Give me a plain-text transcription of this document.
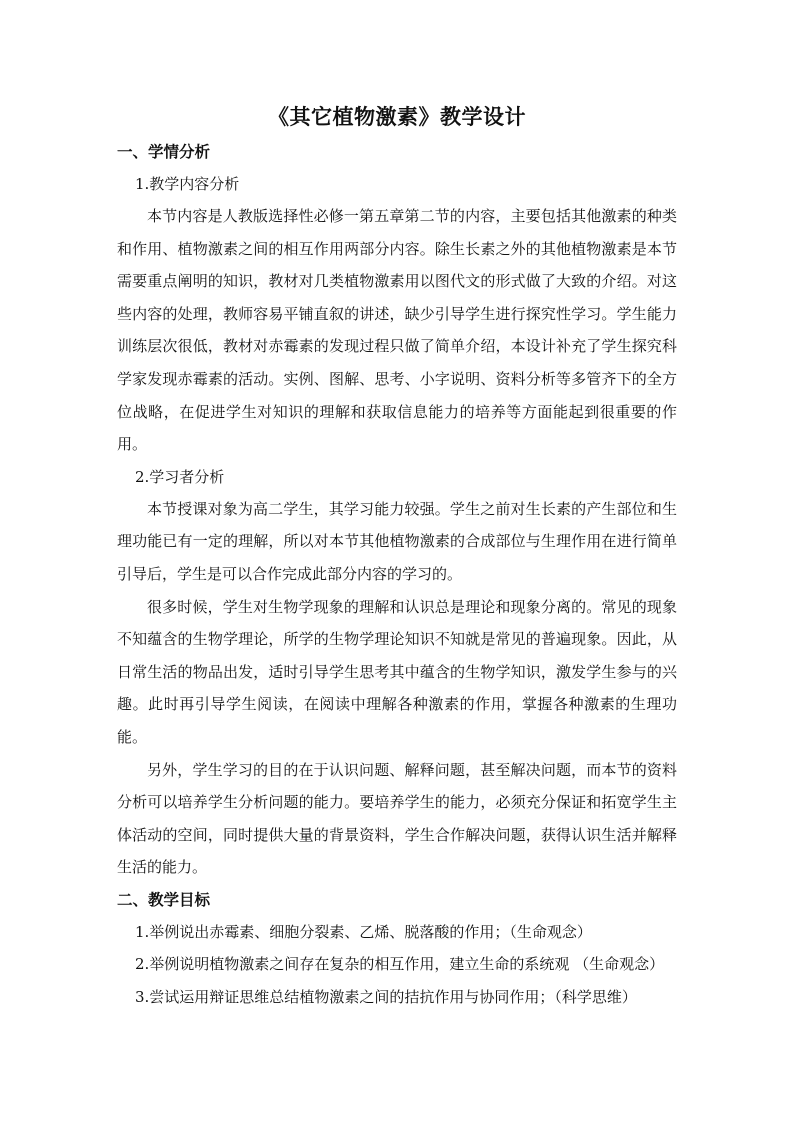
《其它植物激素》教学设计
一、学情分析
1.教学内容分析

本节内容是人教版选择性必修一第五章第二节的内容，主要包括其他激素的种类和作用、植物激素之间的相互作用两部分内容。除生长素之外的其他植物激素是本节需要重点阐明的知识，教材对几类植物激素用以图代文的形式做了大致的介绍。对这些内容的处理，教师容易平铺直叙的讲述，缺少引导学生进行探究性学习。学生能力训练层次很低，教材对赤霉素的发现过程只做了简单介绍，本设计补充了学生探究科学家发现赤霉素的活动。实例、图解、思考、小字说明、资料分析等多管齐下的全方位战略，在促进学生对知识的理解和获取信息能力的培养等方面能起到很重要的作用。

2.学习者分析

本节授课对象为高二学生，其学习能力较强。学生之前对生长素的产生部位和生理功能已有一定的理解，所以对本节其他植物激素的合成部位与生理作用在进行简单引导后，学生是可以合作完成此部分内容的学习的。

很多时候，学生对生物学现象的理解和认识总是理论和现象分离的。常见的现象不知蕴含的生物学理论，所学的生物学理论知识不知就是常见的普遍现象。因此，从日常生活的物品出发，适时引导学生思考其中蕴含的生物学知识，激发学生参与的兴趣。此时再引导学生阅读，在阅读中理解各种激素的作用，掌握各种激素的生理功能。

另外，学生学习的目的在于认识问题、解释问题，甚至解决问题，而本节的资料分析可以培养学生分析问题的能力。要培养学生的能力，必须充分保证和拓宽学生主体活动的空间，同时提供大量的背景资料，学生合作解决问题，获得认识生活并解释生活的能力。

二、教学目标

1.举例说出赤霉素、细胞分裂素、乙烯、脱落酸的作用；（生命观念）

2.举例说明植物激素之间存在复杂的相互作用，建立生命的系统观 （生命观念）

3.尝试运用辩证思维总结植物激素之间的拮抗作用与协同作用；（科学思维）
